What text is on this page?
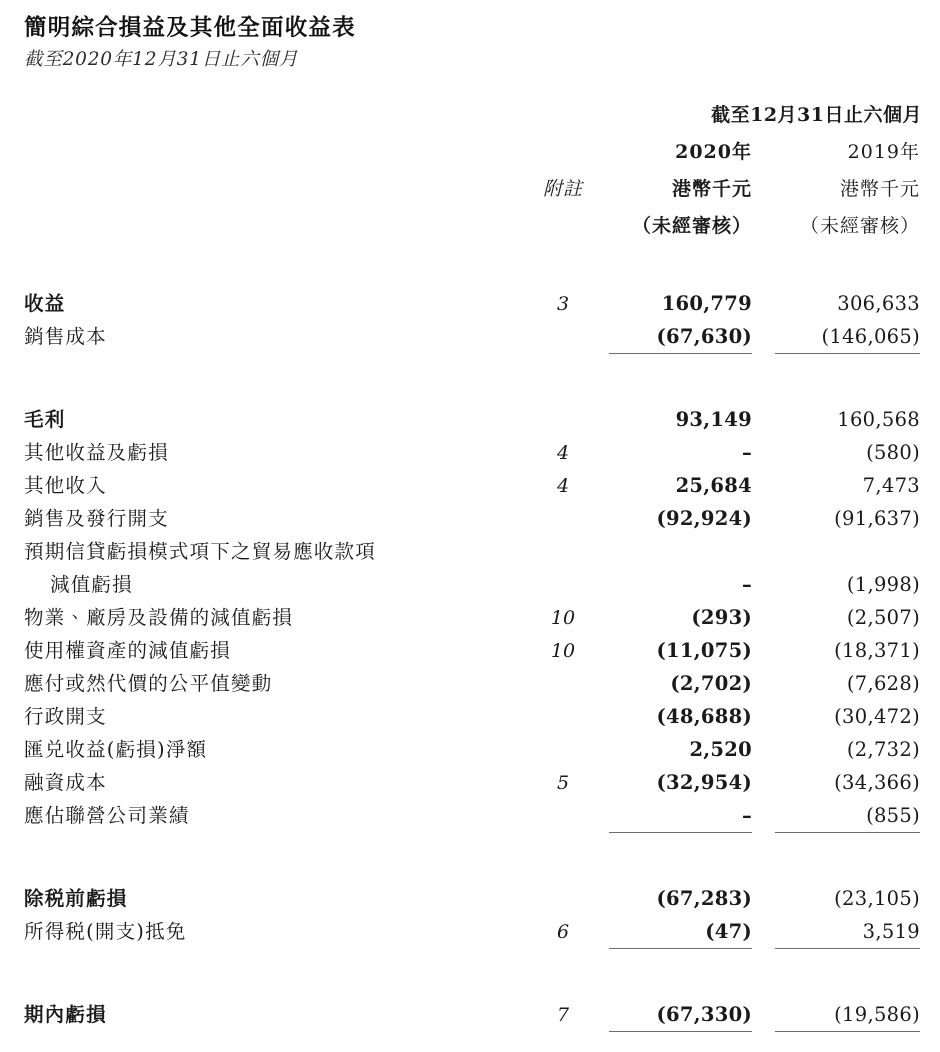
簡明綜合損益及其他全面收益表
截至2020年12月31日止六個月
	截至12月31日止六個月		
		2020年	2019年
	附註	港幣千元	港幣千元
		（未經審核）	（未經審核）

收益	3	160,779	306,633
銷售成本		(67,630)	(146,065)

毛利		93,149	160,568
其他收益及虧損	4	–	(580)
其他收入	4	25,684	7,473
銷售及發行開支		(92,924)	(91,637)
預期信貸虧損模式項下之貿易應收款項			
減值虧損		–	(1,998)
物業、廠房及設備的減值虧損	10	(293)	(2,507)
使用權資產的減值虧損	10	(11,075)	(18,371)
應付或然代價的公平值變動		(2,702)	(7,628)
行政開支		(48,688)	(30,472)
匯兑收益(虧損)淨額		2,520	(2,732)
融資成本	5	(32,954)	(34,366)
應佔聯營公司業績		–	(855)

除税前虧損		(67,283)	(23,105)
所得税(開支)抵免	6	(47)	3,519

期內虧損	7	(67,330)	(19,586)
